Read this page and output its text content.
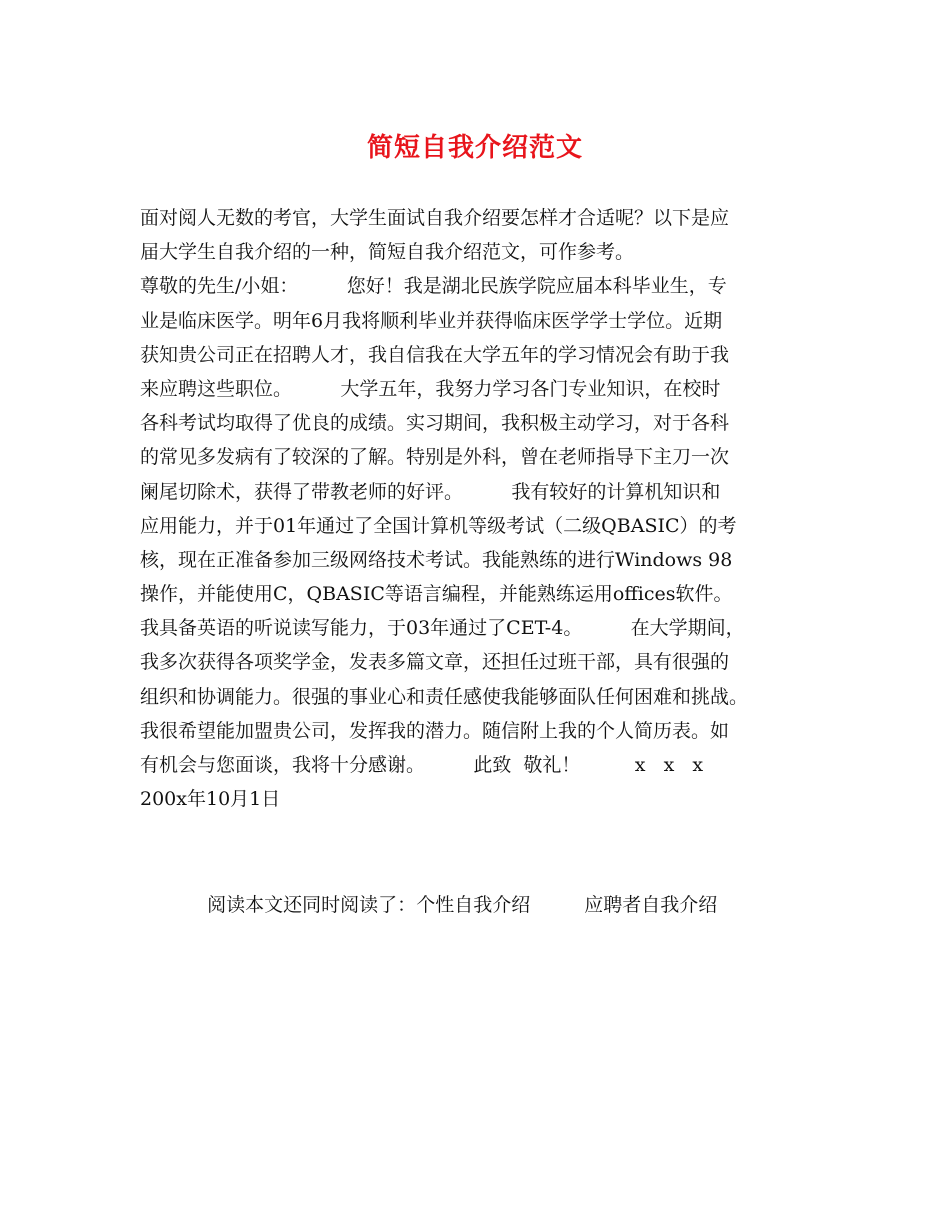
简短自我介绍范文
面对阅人无数的考官，大学生面试自我介绍要怎样才合适呢？以下是应
届大学生自我介绍的一种，简短自我介绍范文，可作参考。
尊敬的先生/小姐：        您好！我是湖北民族学院应届本科毕业生，专
业是临床医学。明年6月我将顺利毕业并获得临床医学学士学位。近期
获知贵公司正在招聘人才，我自信我在大学五年的学习情况会有助于我
来应聘这些职位。        大学五年，我努力学习各门专业知识，在校时
各科考试均取得了优良的成绩。实习期间，我积极主动学习，对于各科
的常见多发病有了较深的了解。特别是外科，曾在老师指导下主刀一次
阑尾切除术，获得了带教老师的好评。        我有较好的计算机知识和
应用能力，并于01年通过了全国计算机等级考试（二级QBASIC）的考
核，现在正准备参加三级网络技术考试。我能熟练的进行Windows 98
操作，并能使用C，QBASIC等语言编程，并能熟练运用offices软件。
我具备英语的听说读写能力，于03年通过了CET-4。        在大学期间，
我多次获得各项奖学金，发表多篇文章，还担任过班干部，具有很强的
组织和协调能力。很强的事业心和责任感使我能够面队任何困难和挑战。
我很希望能加盟贵公司，发挥我的潜力。随信附上我的个人简历表。如
有机会与您面谈，我将十分感谢。        此致  敬礼！         x   x   x
200x年10月1日

阅读本文还同时阅读了：个性自我介绍	应聘者自我介绍
